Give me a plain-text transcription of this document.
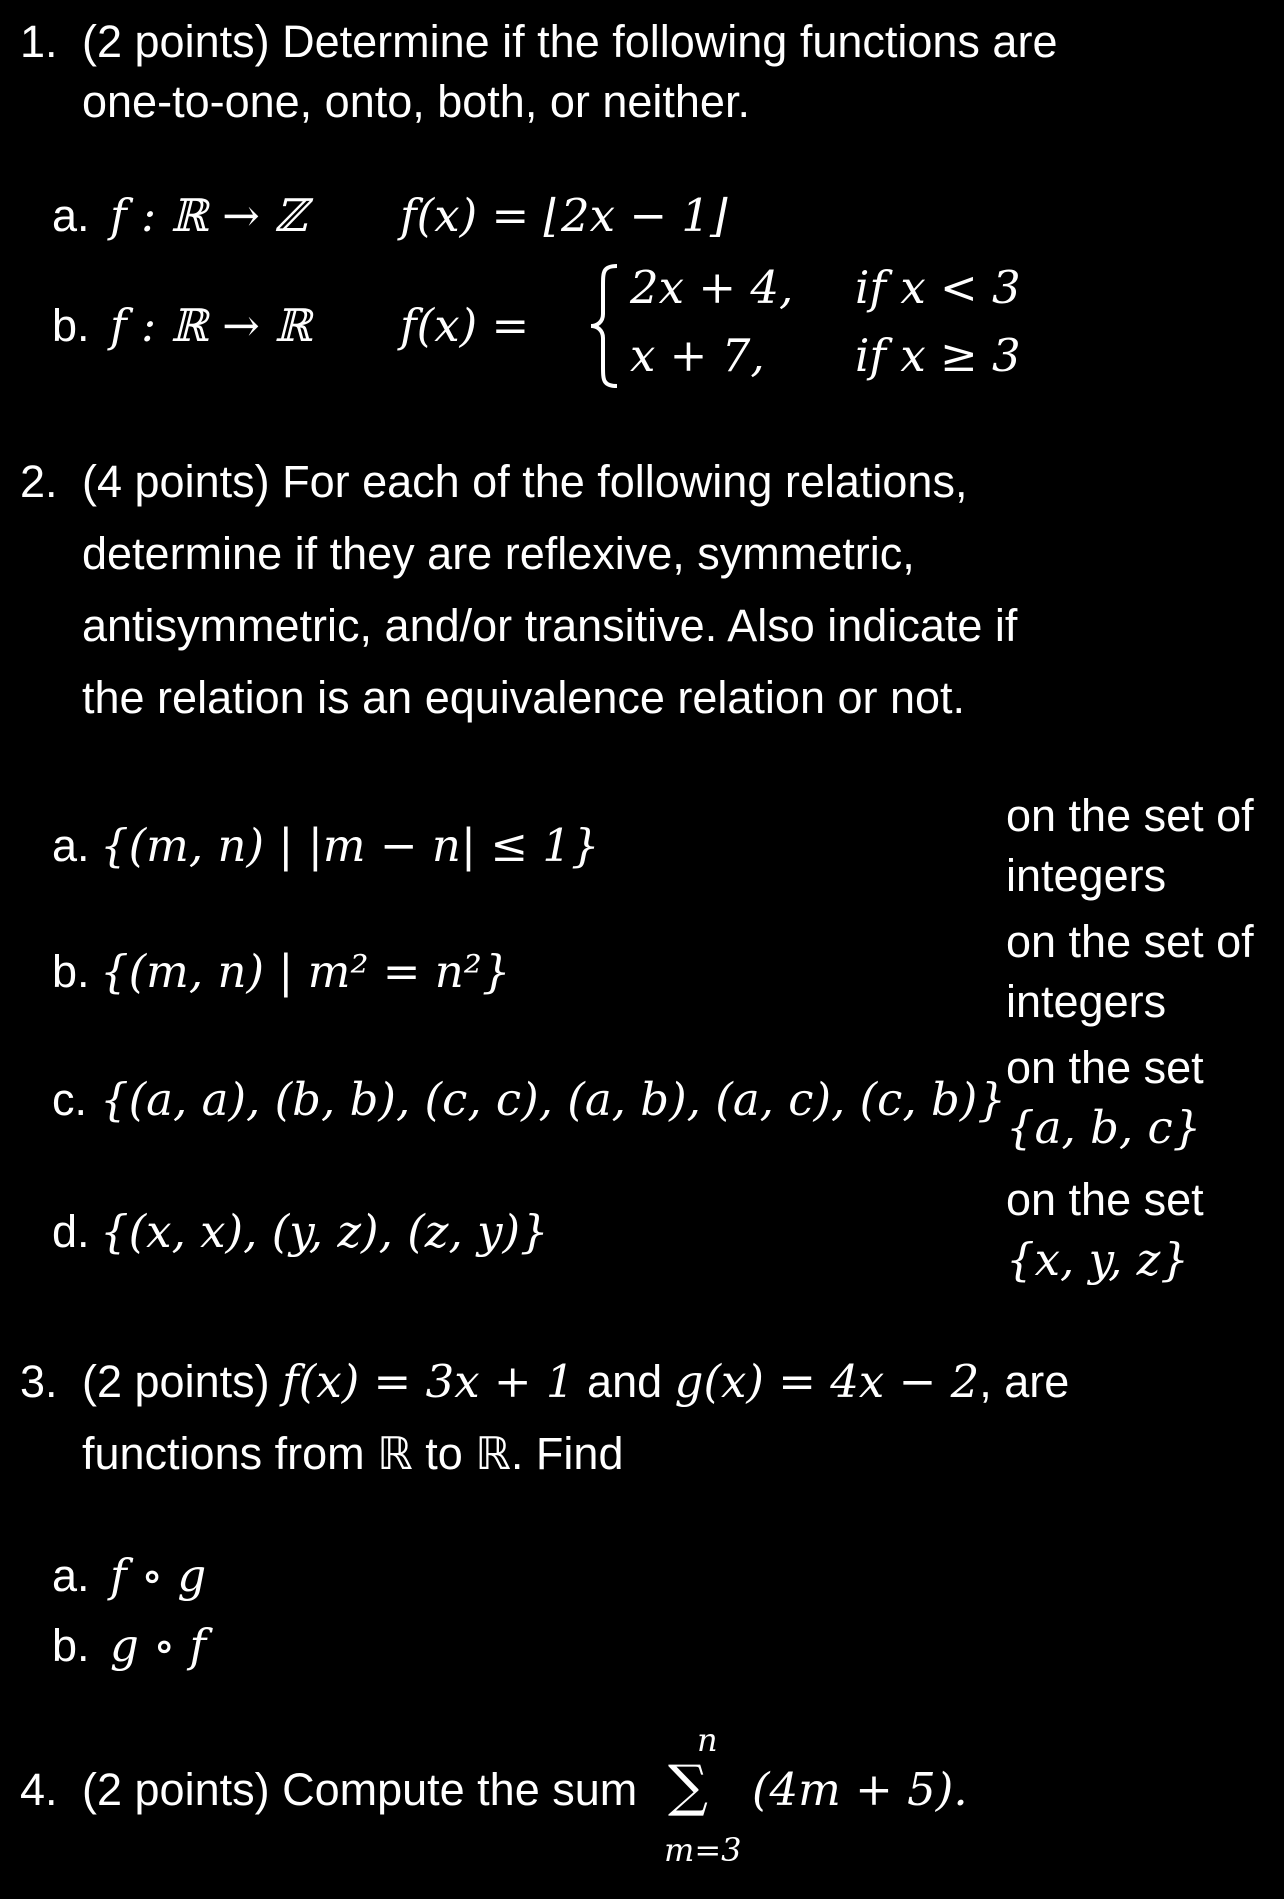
1. (2 points) Determine if the following functions are
one-to-one, onto, both, or neither.
a. f : ℝ → ℤ f(x) = ⌊2x − 1⌋
b. f : ℝ → ℝ f(x) =
2x + 4, if x < 3
x + 7, if x ≥ 3
2. (4 points) For each of the following relations,
determine if they are reflexive, symmetric,
antisymmetric, and/or transitive. Also indicate if
the relation is an equivalence relation or not.
a. {(m, n) | |m − n| ≤ 1}
on the set of
integers
b. {(m, n) | m² = n²}
on the set of
integers
c. {(a, a), (b, b), (c, c), (a, b), (a, c), (c, b)}
on the set
{a, b, c}
d. {(x, x), (y, z), (z, y)}
on the set
{x, y, z}
3. (2 points) f(x) = 3x + 1 and g(x) = 4x − 2, are
functions from ℝ to ℝ. Find
a. f ∘ g
b. g ∘ f
4. (2 points) Compute the sum
n
∑
m=3
(4m + 5).
